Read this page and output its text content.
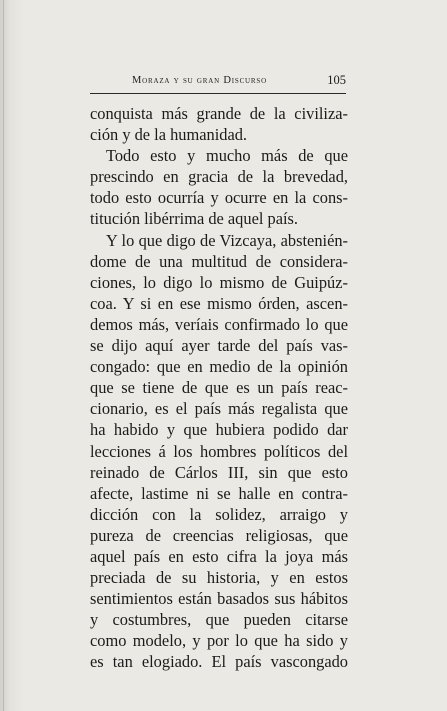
Moraza y su gran Discurso	105
conquista más grande de la civiliza-
ción y de la humanidad.
Todo esto y mucho más de que
prescindo en gracia de la brevedad,
todo esto ocurría y ocurre en la cons-
titución libérrima de aquel país.
Y lo que digo de Vizcaya, abstenién-
dome de una multitud de considera-
ciones, lo digo lo mismo de Guipúz-
coa. Y si en ese mismo órden, ascen-
demos más, veríais confirmado lo que
se dijo aquí ayer tarde del país vas-
congado: que en medio de la opinión
que se tiene de que es un país reac-
cionario, es el país más regalista que
ha habido y que hubiera podido dar
lecciones á los hombres políticos del
reinado de Cárlos III, sin que esto
afecte, lastime ni se halle en contra-
dicción con la solidez, arraigo y
pureza de creencias religiosas, que
aquel país en esto cifra la joya más
preciada de su historia, y en estos
sentimientos están basados sus hábitos
y costumbres, que pueden citarse
como modelo, y por lo que ha sido y
es tan elogiado. El país vascongado
